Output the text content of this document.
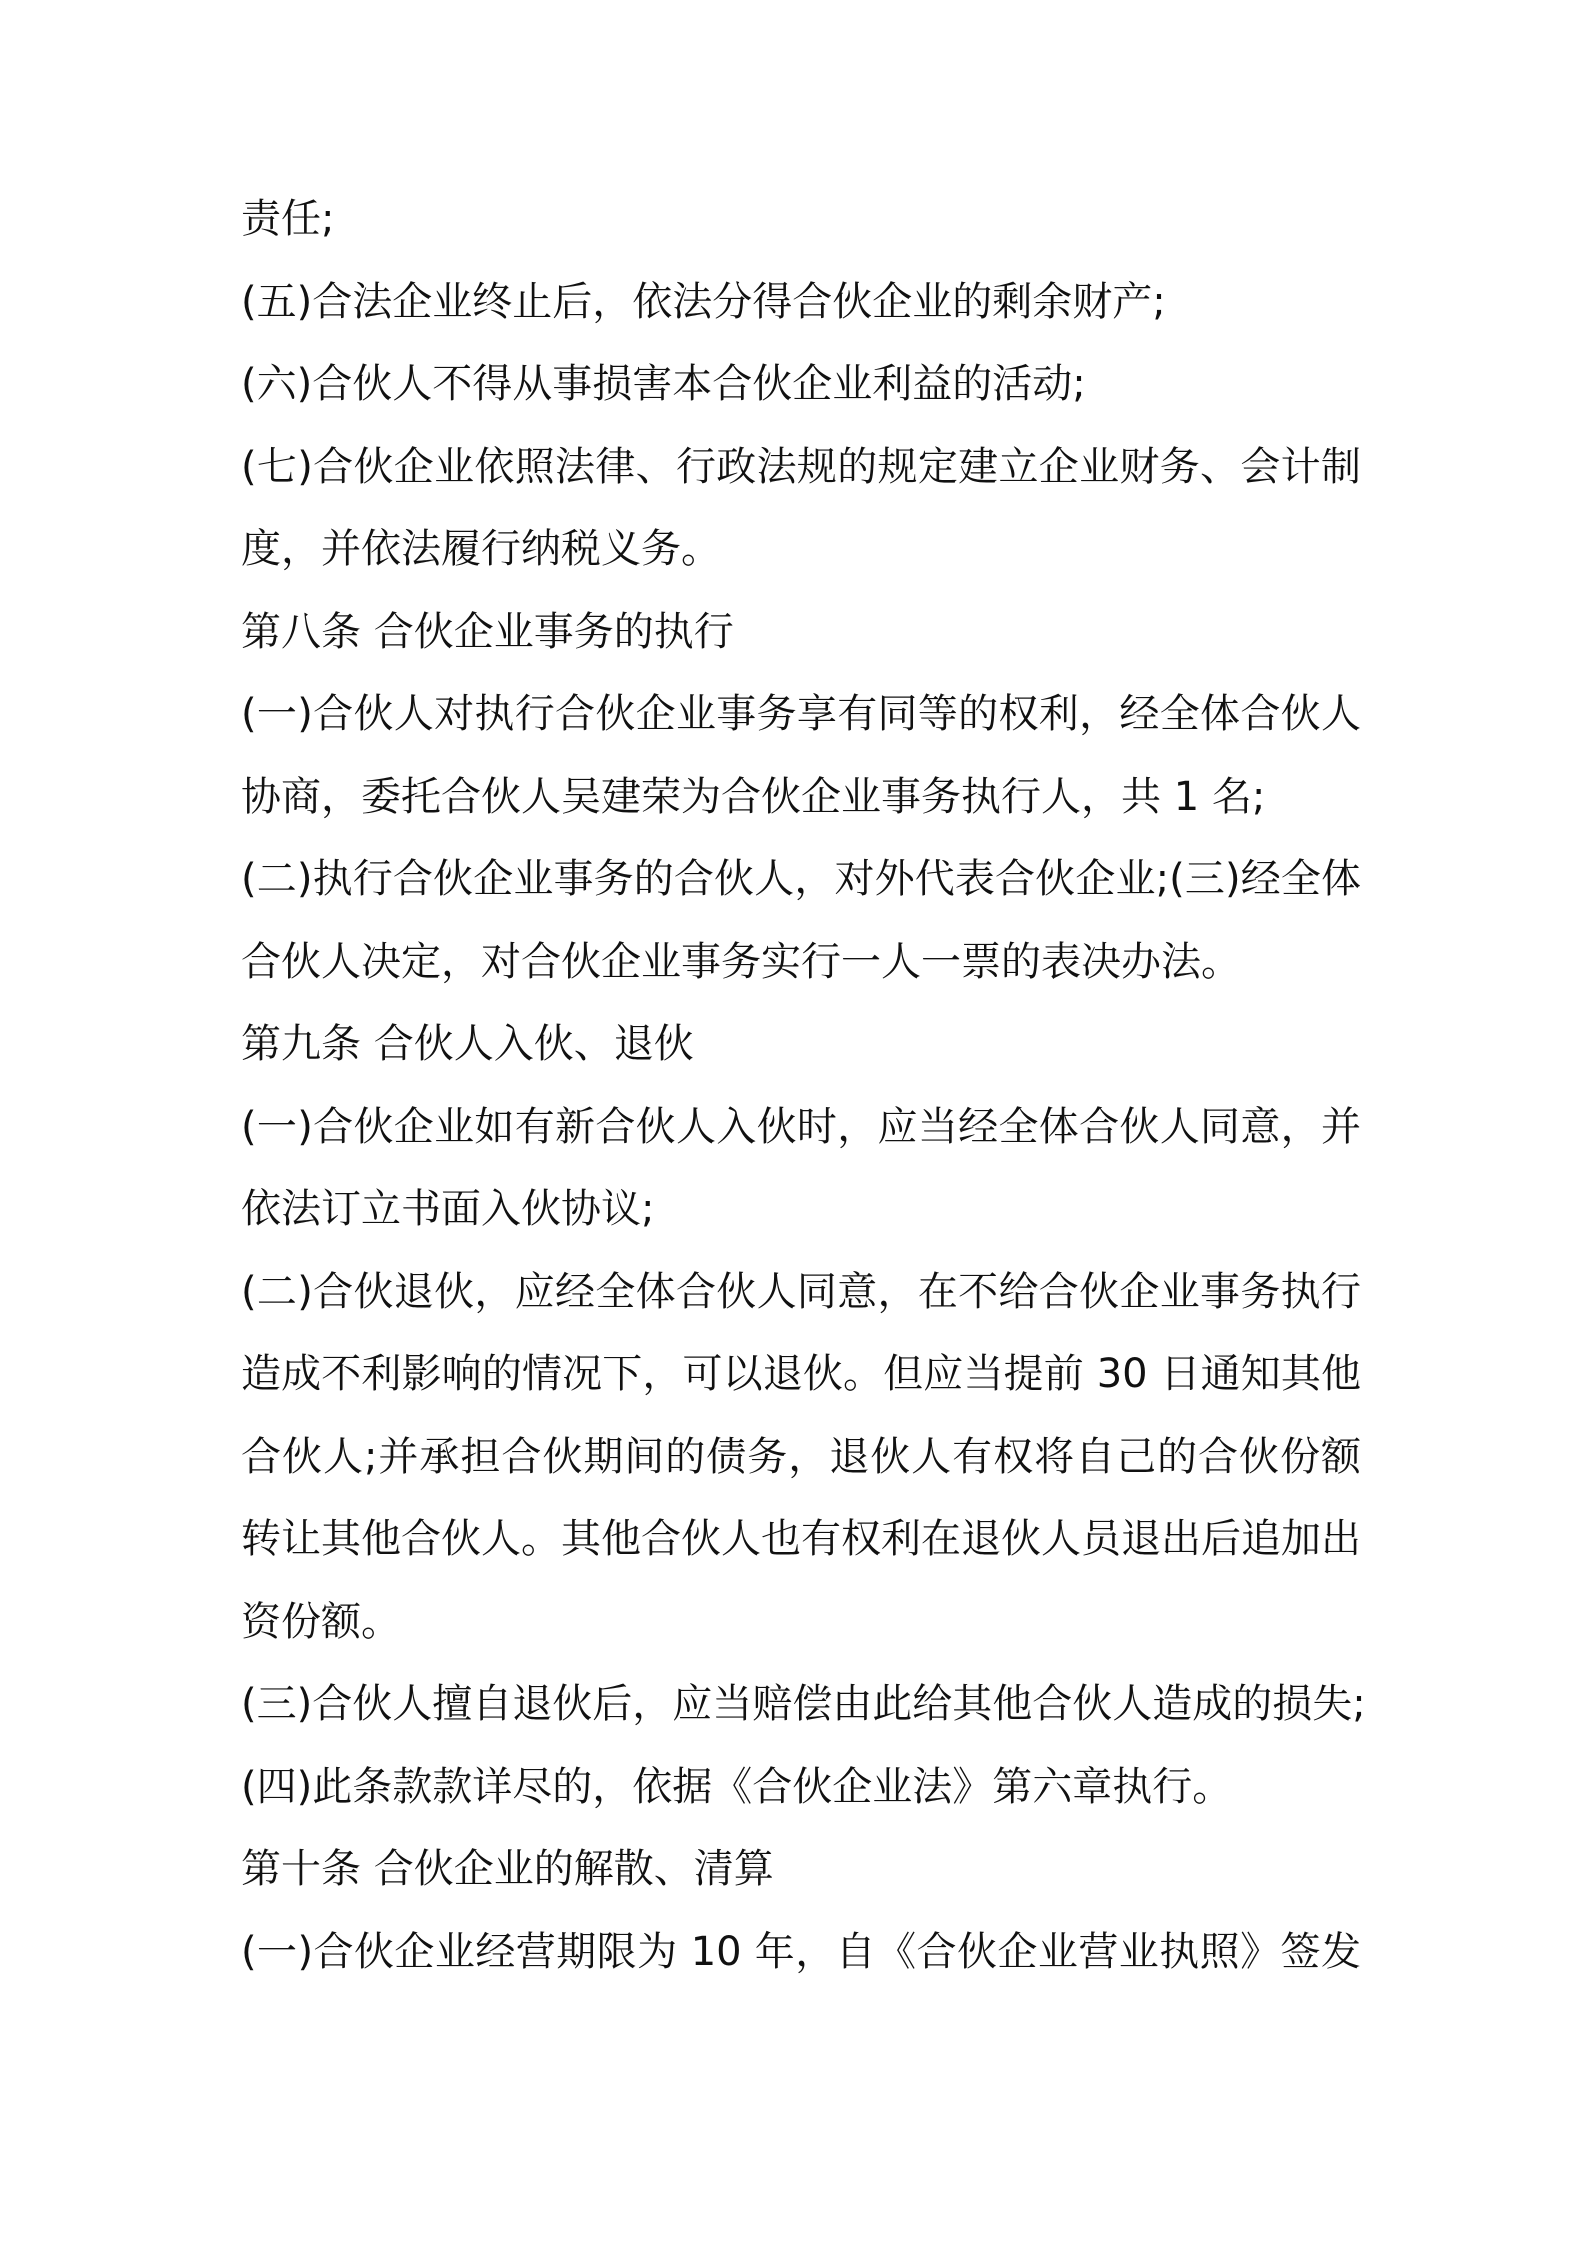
责任;
(五)合法企业终止后，依法分得合伙企业的剩余财产;
(六)合伙人不得从事损害本合伙企业利益的活动;
(七)合伙企业依照法律、行政法规的规定建立企业财务、会计制
度，并依法履行纳税义务。
第八条 合伙企业事务的执行
(一)合伙人对执行合伙企业事务享有同等的权利，经全体合伙人
协商，委托合伙人吴建荣为合伙企业事务执行人，共 1 名;
(二)执行合伙企业事务的合伙人，对外代表合伙企业;(三)经全体
合伙人决定，对合伙企业事务实行一人一票的表决办法。
第九条 合伙人入伙、退伙
(一)合伙企业如有新合伙人入伙时，应当经全体合伙人同意，并
依法订立书面入伙协议;
(二)合伙退伙，应经全体合伙人同意，在不给合伙企业事务执行
造成不利影响的情况下，可以退伙。但应当提前 30 日通知其他
合伙人;并承担合伙期间的债务，退伙人有权将自己的合伙份额
转让其他合伙人。其他合伙人也有权利在退伙人员退出后追加出
资份额。
(三)合伙人擅自退伙后，应当赔偿由此给其他合伙人造成的损失;
(四)此条款款详尽的，依据《合伙企业法》第六章执行。
第十条 合伙企业的解散、清算
(一)合伙企业经营期限为 10 年，自《合伙企业营业执照》签发
